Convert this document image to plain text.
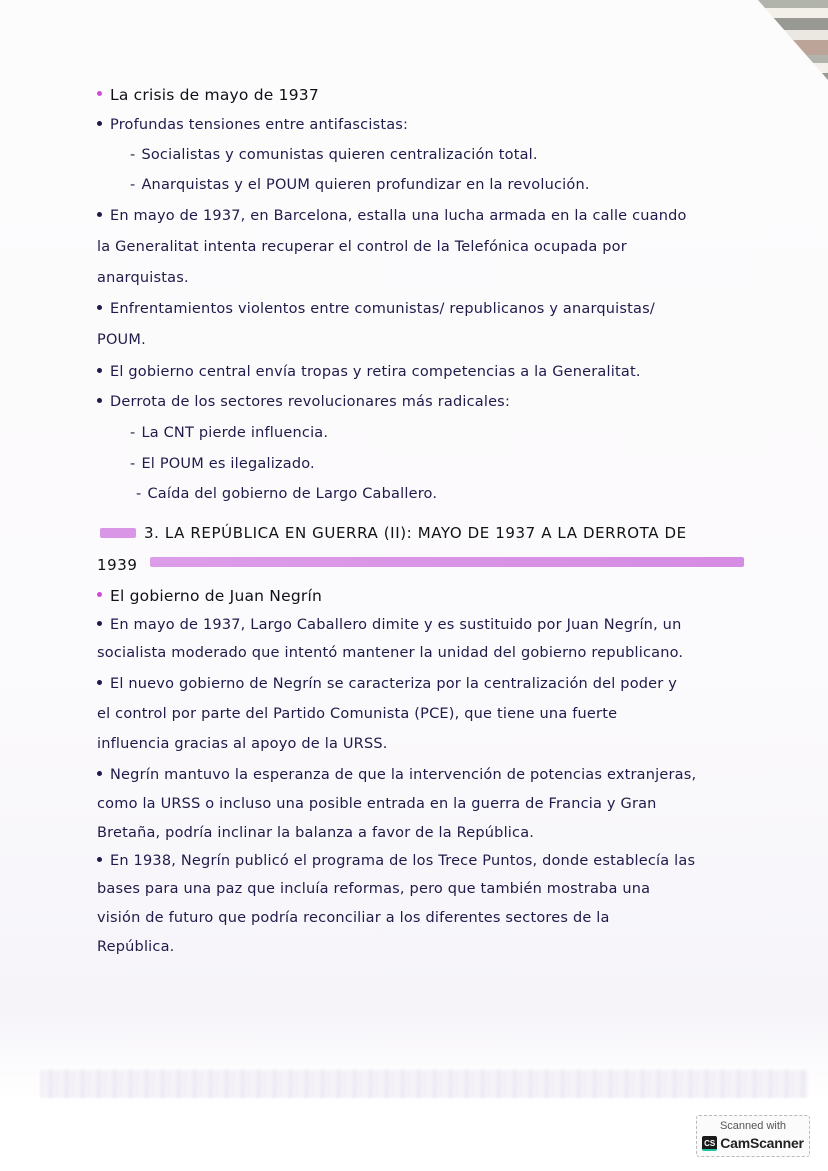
La crisis de mayo de 1937
Profundas tensiones entre antifascistas:
- Socialistas y comunistas quieren centralización total.
- Anarquistas y el POUM quieren profundizar en la revolución.
En mayo de 1937, en Barcelona, estalla una lucha armada en la calle cuando
la Generalitat intenta recuperar el control de la Telefónica ocupada por
anarquistas.
Enfrentamientos violentos entre comunistas/ republicanos y anarquistas/
POUM.
El gobierno central envía tropas y retira competencias a la Generalitat.
Derrota de los sectores revolucionares más radicales:
- La CNT pierde influencia.
- El POUM es ilegalizado.
- Caída del gobierno de Largo Caballero.
3. LA REPÚBLICA EN GUERRA (II): MAYO DE 1937 A LA DERROTA DE
1939
El gobierno de Juan Negrín
En mayo de 1937, Largo Caballero dimite y es sustituido por Juan Negrín, un
socialista moderado que intentó mantener la unidad del gobierno republicano.
El nuevo gobierno de Negrín se caracteriza por la centralización del poder y
el control por parte del Partido Comunista (PCE), que tiene una fuerte
influencia gracias al apoyo de la URSS.
Negrín mantuvo la esperanza de que la intervención de potencias extranjeras,
como la URSS o incluso una posible entrada en la guerra de Francia y Gran
Bretaña, podría inclinar la balanza a favor de la República.
En 1938, Negrín publicó el programa de los Trece Puntos, donde establecía las
bases para una paz que incluía reformas, pero que también mostraba una
visión de futuro que podría reconciliar a los diferentes sectores de la
República.
Scanned with
CS CamScanner
